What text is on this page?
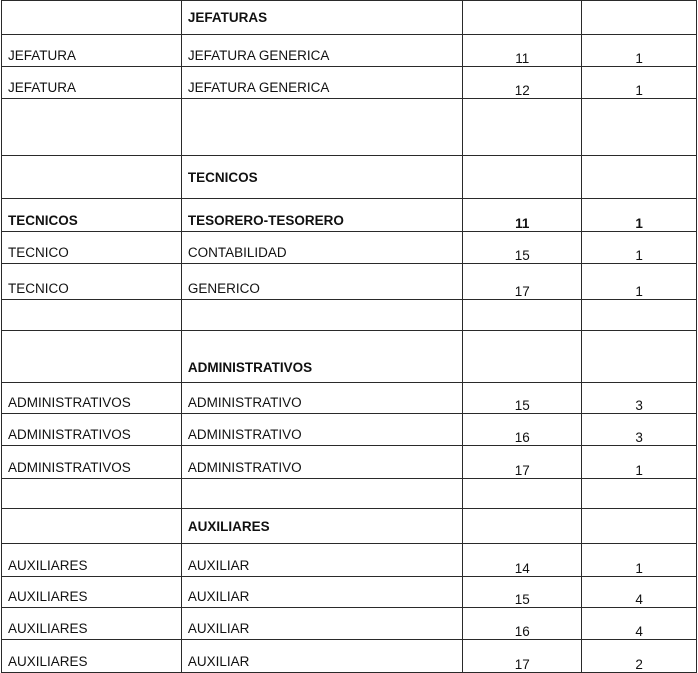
	JEFATURAS		
JEFATURA	JEFATURA GENERICA	11	1
JEFATURA	JEFATURA GENERICA	12	1

	TECNICOS		
TECNICOS	TESORERO-TESORERO	11	1
TECNICO	CONTABILIDAD	15	1
TECNICO	GENERICO	17	1

	ADMINISTRATIVOS		
ADMINISTRATIVOS	ADMINISTRATIVO	15	3
ADMINISTRATIVOS	ADMINISTRATIVO	16	3
ADMINISTRATIVOS	ADMINISTRATIVO	17	1

	AUXILIARES		
AUXILIARES	AUXILIAR	14	1
AUXILIARES	AUXILIAR	15	4
AUXILIARES	AUXILIAR	16	4
AUXILIARES	AUXILIAR	17	2
